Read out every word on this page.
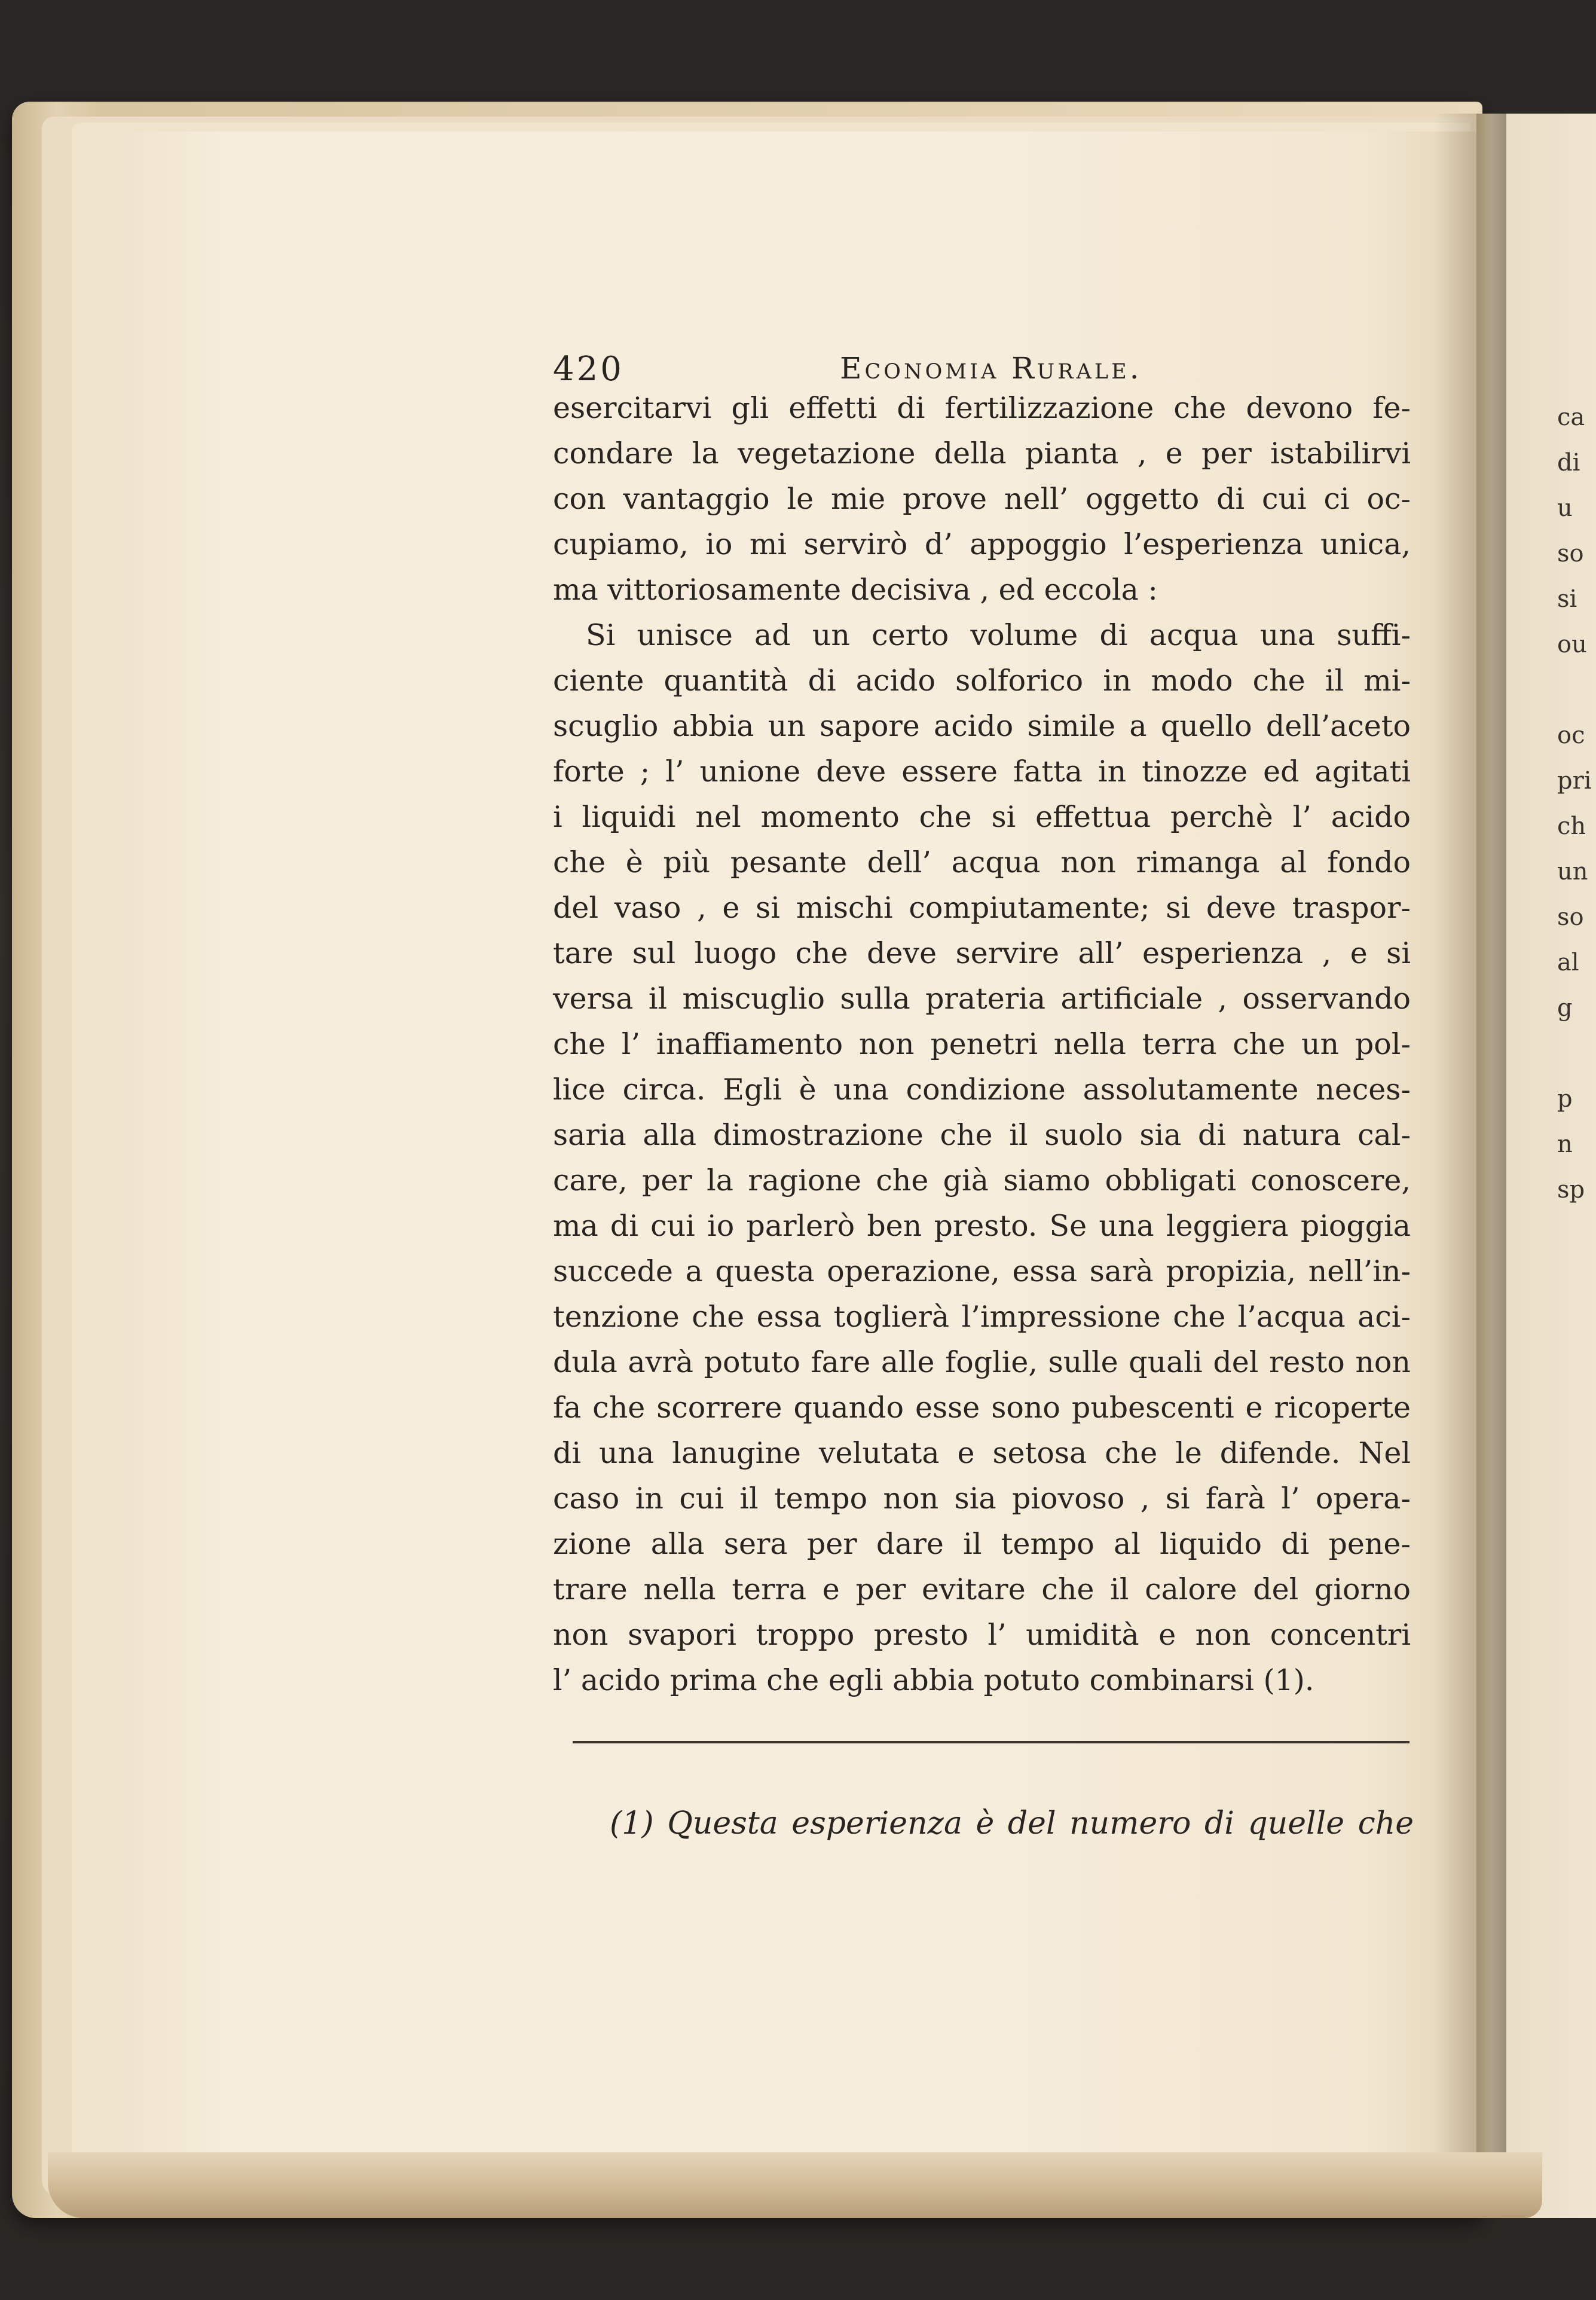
420	Economia Rurale.
esercitarvi gli effetti di fertilizzazione che devono fe-
condare la vegetazione della pianta , e per istabilirvi
con vantaggio le mie prove nell’ oggetto di cui ci oc-
cupiamo, io mi servirò d’ appoggio l’esperienza unica,
ma vittoriosamente decisiva , ed eccola :
Si unisce ad un certo volume di acqua una suffi-
ciente quantità di acido solforico in modo che il mi-
scuglio abbia un sapore acido simile a quello dell’aceto
forte ; l’ unione deve essere fatta in tinozze ed agitati
i liquidi nel momento che si effettua perchè l’ acido
che è più pesante dell’ acqua non rimanga al fondo
del vaso , e si mischi compiutamente; si deve traspor-
tare sul luogo che deve servire all’ esperienza , e si
versa il miscuglio sulla prateria artificiale , osservando
che l’ inaffiamento non penetri nella terra che un pol-
lice circa. Egli è una condizione assolutamente neces-
saria alla dimostrazione che il suolo sia di natura cal-
care, per la ragione che già siamo obbligati conoscere,
ma di cui io parlerò ben presto. Se una leggiera pioggia
succede a questa operazione, essa sarà propizia, nell’in-
tenzione che essa toglierà l’impressione che l’acqua aci-
dula avrà potuto fare alle foglie, sulle quali del resto non
fa che scorrere quando esse sono pubescenti e ricoperte
di una lanugine velutata e setosa che le difende. Nel
caso in cui il tempo non sia piovoso , si farà l’ opera-
zione alla sera per dare il tempo al liquido di pene-
trare nella terra e per evitare che il calore del giorno
non svapori troppo presto l’ umidità e non concentri
l’ acido prima che egli abbia potuto combinarsi (1).
(1) Questa esperienza è del numero di quelle che
ca
di
u
so
si
ou
oc
pri
ch
un
so
al
g
p
n
sp
